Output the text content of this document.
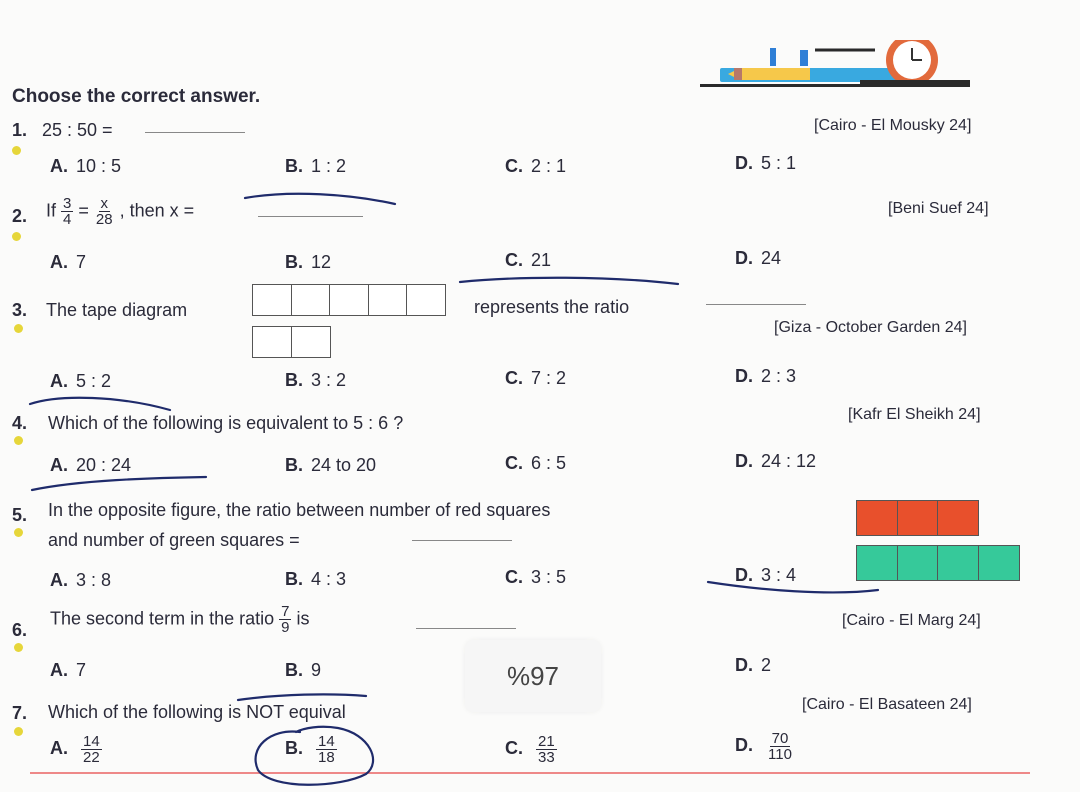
Choose the correct answer.
1. 25 : 50 =	[Cairo - El Mousky 24]
A. 10 : 5	B. 1 : 2	C. 2 : 1	D. 5 : 1
2. If $\frac{3}{4} = \frac{x}{28}$ , then x =	[Beni Suef 24]
A. 7	B. 12	C. 21	D. 24
3. The tape diagram	represents the ratio
[Giza - October Garden 24]
A. 5 : 2	B. 3 : 2	C. 7 : 2	D. 2 : 3
4. Which of the following is equivalent to 5 : 6 ?	[Kafr El Sheikh 24]
A. 20 : 24	B. 24 to 20	C. 6 : 5	D. 24 : 12
5. In the opposite figure, the ratio between number of red squares
and number of green squares =
A. 3 : 8	B. 4 : 3	C. 3 : 5	D. 3 : 4
6.
The second term in the ratio $\frac{7}{9}$ is	[Cairo - El Marg 24]
A. 7	B. 9	D. 2
7. Which of the following is NOT equival	[Cairo - El Basateen 24]
A. $\frac{14}{22}$	B. $\frac{14}{18}$	C. $\frac{21}{33}$	D. $\frac{70}{110}$
%97
